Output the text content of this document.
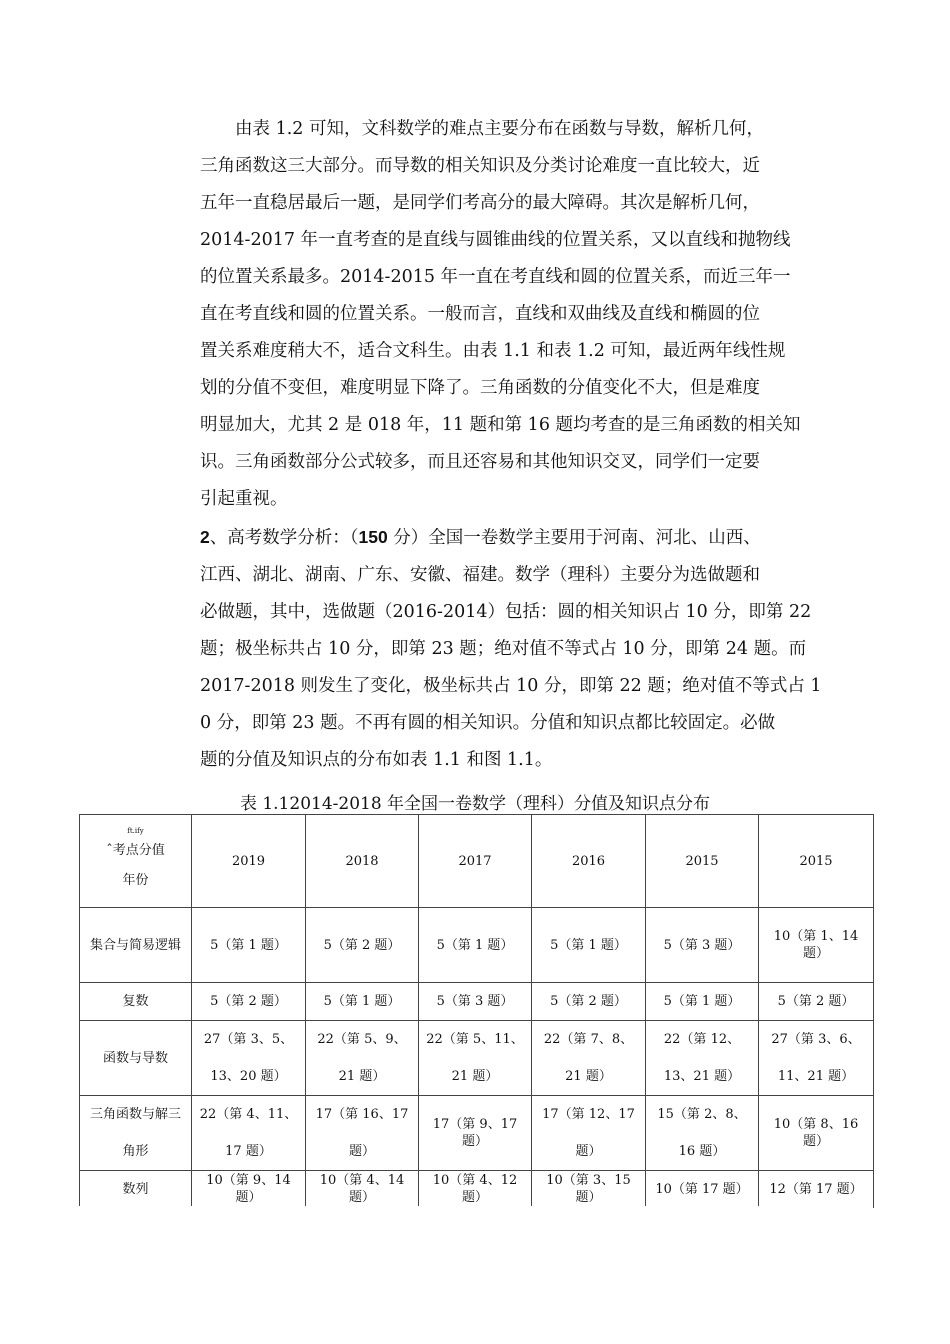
由表 1.2 可知，文科数学的难点主要分布在函数与导数，解析几何，
三角函数这三大部分。而导数的相关知识及分类讨论难度一直比较大，近
五年一直稳居最后一题，是同学们考高分的最大障碍。其次是解析几何，
2014-2017 年一直考查的是直线与圆锥曲线的位置关系，又以直线和抛物线
的位置关系最多。2014-2015 年一直在考直线和圆的位置关系，而近三年一
直在考直线和圆的位置关系。一般而言，直线和双曲线及直线和椭圆的位
置关系难度稍大不，适合文科生。由表 1.1 和表 1.2 可知，最近两年线性规
划的分值不变但，难度明显下降了。三角函数的分值变化不大，但是难度
明显加大，尤其 2 是 018 年，11 题和第 16 题均考查的是三角函数的相关知
识。三角函数部分公式较多，而且还容易和其他知识交叉，同学们一定要
引起重视。

2、高考数学分析：（150 分）全国一卷数学主要用于河南、河北、山西、
江西、湖北、湖南、广东、安徽、福建。数学（理科）主要分为选做题和
必做题，其中，选做题（2016-2014）包括：圆的相关知识占 10 分，即第 22
题；极坐标共占 10 分，即第 23 题；绝对值不等式占 10 分，即第 24 题。而
2017-2018 则发生了变化，极坐标共占 10 分，即第 22 题；绝对值不等式占 1
0 分，即第 23 题。不再有圆的相关知识。分值和知识点都比较固定。必做
题的分值及知识点的分布如表 1.1 和图 1.1。

表 1.12014-2018 年全国一卷数学（理科）分值及知识点分布
ft.ify
ˆ考点分值
年份	2019	2018	2017	2016	2015	2015
集合与简易逻辑	5（第 1 题）	5（第 2 题）	5（第 1 题）	5（第 1 题）	5（第 3 题）	10（第 1、14 题）
复数	5（第 2 题）	5（第 1 题）	5（第 3 题）	5（第 2 题）	5（第 1 题）	5（第 2 题）
函数与导数	27（第 3、5、13、20 题）	22（第 5、9、21 题）	22（第 5、11、21 题）	22（第 7、8、21 题）	22（第 12、13、21 题）	27（第 3、6、11、21 题）
三角函数与解三角形	22（第 4、11、17 题）	17（第 16、17 题）	17（第 9、17 题）	17（第 12、17 题）	15（第 2、8、16 题）	10（第 8、16 题）
数列	10（第 9、14 题）	10（第 4、14 题）	10（第 4、12 题）	10（第 3、15 题）	10（第 17 题）	12（第 17 题）
